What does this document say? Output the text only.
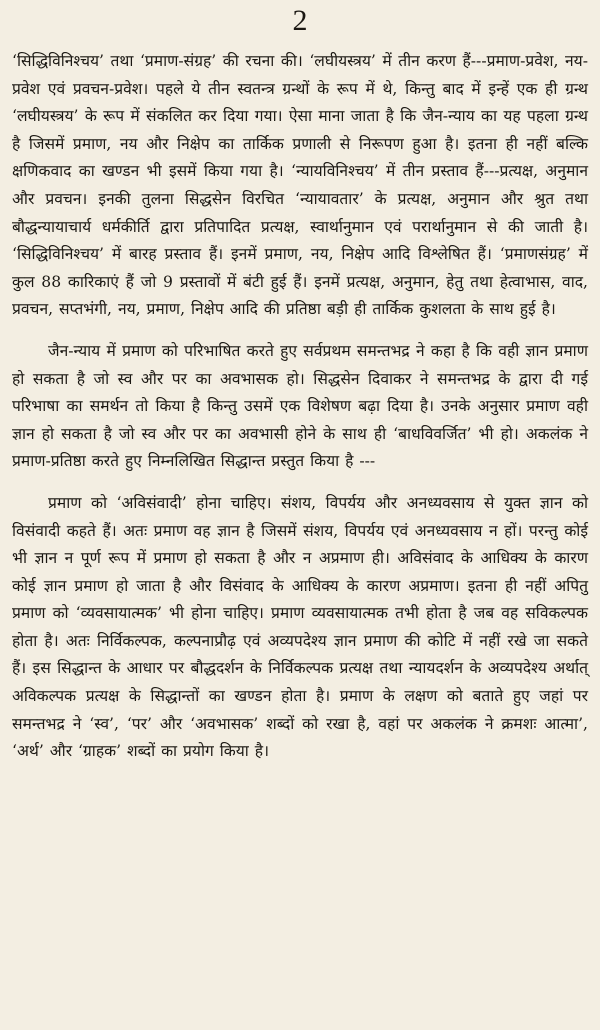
2

‘सिद्धिविनिश्चय’ तथा ‘प्रमाण-संग्रह’ की रचना की। ‘लघीयस्त्रय’ में तीन करण हैं---प्रमाण-प्रवेश, नय-प्रवेश एवं प्रवचन-प्रवेश। पहले ये तीन स्वतन्त्र ग्रन्थों के रूप में थे, किन्तु बाद में इन्हें एक ही ग्रन्थ ‘लघीयस्त्रय’ के रूप में संकलित कर दिया गया। ऐसा माना जाता है कि जैन-न्याय का यह पहला ग्रन्थ है जिसमें प्रमाण, नय और निक्षेप का तार्किक प्रणाली से निरूपण हुआ है। इतना ही नहीं बल्कि क्षणिकवाद का खण्डन भी इसमें किया गया है। ‘न्यायविनिश्चय’ में तीन प्रस्ताव हैं---प्रत्यक्ष, अनुमान और प्रवचन। इनकी तुलना सिद्धसेन विरचित ‘न्यायावतार’ के प्रत्यक्ष, अनुमान और श्रुत तथा बौद्धन्यायाचार्य धर्मकीर्ति द्वारा प्रतिपादित प्रत्यक्ष, स्वार्थानुमान एवं परार्थानुमान से की जाती है। ‘सिद्धिविनिश्चय’ में बारह प्रस्ताव हैं। इनमें प्रमाण, नय, निक्षेप आदि विश्लेषित हैं। ‘प्रमाणसंग्रह’ में कुल 88 कारिकाएं हैं जो 9 प्रस्तावों में बंटी हुई हैं। इनमें प्रत्यक्ष, अनुमान, हेतु तथा हेत्वाभास, वाद, प्रवचन, सप्तभंगी, नय, प्रमाण, निक्षेप आदि की प्रतिष्ठा बड़ी ही तार्किक कुशलता के साथ हुई है।

जैन-न्याय में प्रमाण को परिभाषित करते हुए सर्वप्रथम समन्तभद्र ने कहा है कि वही ज्ञान प्रमाण हो सकता है जो स्व और पर का अवभासक हो। सिद्धसेन दिवाकर ने समन्तभद्र के द्वारा दी गई परिभाषा का समर्थन तो किया है किन्तु उसमें एक विशेषण बढ़ा दिया है। उनके अनुसार प्रमाण वही ज्ञान हो सकता है जो स्व और पर का अवभासी होने के साथ ही ‘बाधविवर्जित’ भी हो। अकलंक ने प्रमाण-प्रतिष्ठा करते हुए निम्नलिखित सिद्धान्त प्रस्तुत किया है ---

प्रमाण को ‘अविसंवादी’ होना चाहिए। संशय, विपर्यय और अनध्यवसाय से युक्त ज्ञान को विसंवादी कहते हैं। अतः प्रमाण वह ज्ञान है जिसमें संशय, विपर्यय एवं अनध्यवसाय न हों। परन्तु कोई भी ज्ञान न पूर्ण रूप में प्रमाण हो सकता है और न अप्रमाण ही। अविसंवाद के आधिक्य के कारण कोई ज्ञान प्रमाण हो जाता है और विसंवाद के आधिक्य के कारण अप्रमाण। इतना ही नहीं अपितु प्रमाण को ‘व्यवसायात्मक’ भी होना चाहिए। प्रमाण व्यवसायात्मक तभी होता है जब वह सविकल्पक होता है। अतः निर्विकल्पक, कल्पनाप्रौढ़ एवं अव्यपदेश्य ज्ञान प्रमाण की कोटि में नहीं रखे जा सकते हैं। इस सिद्धान्त के आधार पर बौद्धदर्शन के निर्विकल्पक प्रत्यक्ष तथा न्यायदर्शन के अव्यपदेश्य अर्थात् अविकल्पक प्रत्यक्ष के सिद्धान्तों का खण्डन होता है। प्रमाण के लक्षण को बताते हुए जहां पर समन्तभद्र ने ‘स्व’, ‘पर’ और ‘अवभासक’ शब्दों को रखा है, वहां पर अकलंक ने क्रमशः आत्मा’, ‘अर्थ’ और ‘ग्राहक’ शब्दों का प्रयोग किया है।
